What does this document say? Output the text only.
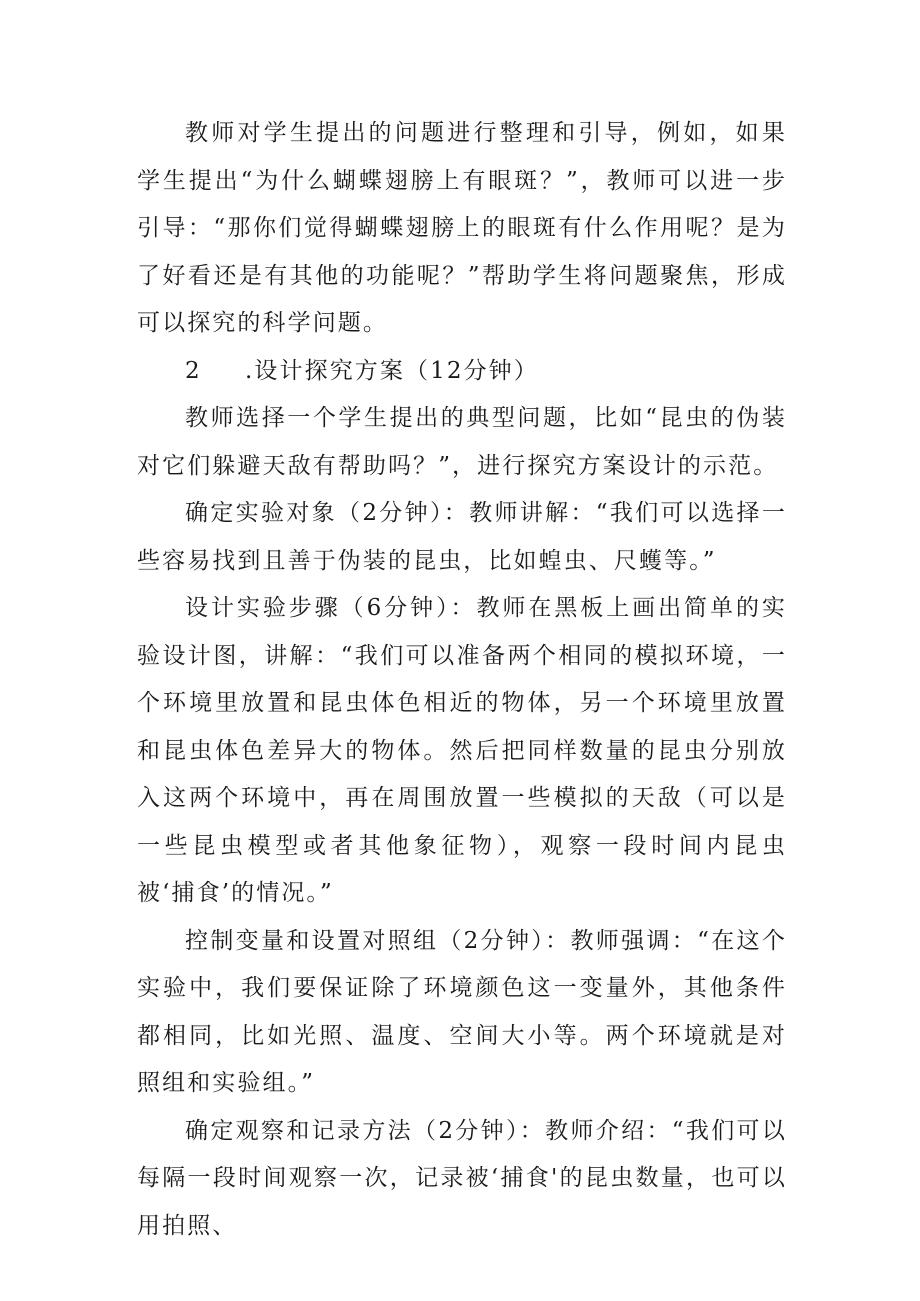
教师对学生提出的问题进行整理和引导，例如，如果学生提出“为什么蝴蝶翅膀上有眼斑？”，教师可以进一步引导：“那你们觉得蝴蝶翅膀上的眼斑有什么作用呢？是为了好看还是有其他的功能呢？”帮助学生将问题聚焦，形成可以探究的科学问题。

2 .设计探究方案（12分钟）

教师选择一个学生提出的典型问题，比如“昆虫的伪装对它们躲避天敌有帮助吗？”，进行探究方案设计的示范。

确定实验对象（2分钟）：教师讲解：“我们可以选择一些容易找到且善于伪装的昆虫，比如蝗虫、尺蠖等。”

设计实验步骤（6分钟）：教师在黑板上画出简单的实验设计图，讲解：“我们可以准备两个相同的模拟环境，一个环境里放置和昆虫体色相近的物体，另一个环境里放置和昆虫体色差异大的物体。然后把同样数量的昆虫分别放入这两个环境中，再在周围放置一些模拟的天敌（可以是一些昆虫模型或者其他象征物），观察一段时间内昆虫被‘捕食’的情况。”

控制变量和设置对照组（2分钟）：教师强调：“在这个实验中，我们要保证除了环境颜色这一变量外，其他条件都相同，比如光照、温度、空间大小等。两个环境就是对照组和实验组。”

确定观察和记录方法（2分钟）：教师介绍：“我们可以每隔一段时间观察一次，记录被‘捕食'的昆虫数量，也可以用拍照、
